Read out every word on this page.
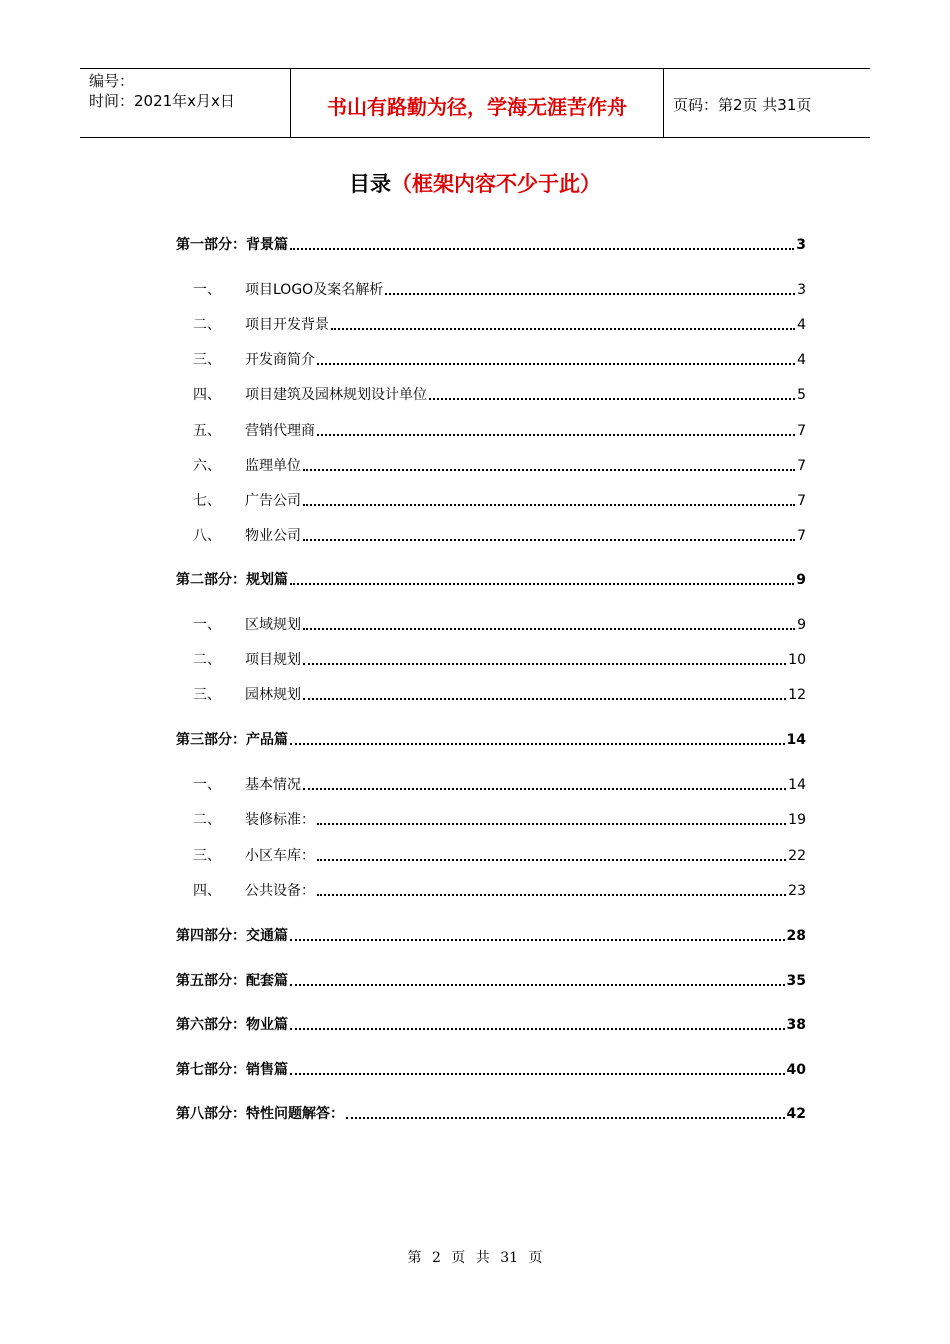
编号：
时间：2021年x月x日	书山有路勤为径，学海无涯苦作舟	页码：第2页 共31页
目录（框架内容不少于此）
第一部分：背景篇	3
一、	项目LOGO及案名解析	3
二、	项目开发背景	4
三、	开发商简介	4
四、	项目建筑及园林规划设计单位	5
五、	营销代理商	7
六、	监理单位	7
七、	广告公司	7
八、	物业公司	7
第二部分：规划篇	9
一、	区域规划	9
二、	项目规划	10
三、	园林规划	12
第三部分：产品篇	14
一、	基本情况	14
二、	装修标准：	19
三、	小区车库：	22
四、	公共设备：	23
第四部分：交通篇	28
第五部分：配套篇	35
第六部分：物业篇	38
第七部分：销售篇	40
第八部分：特性问题解答：	42
第 2 页 共 31 页
